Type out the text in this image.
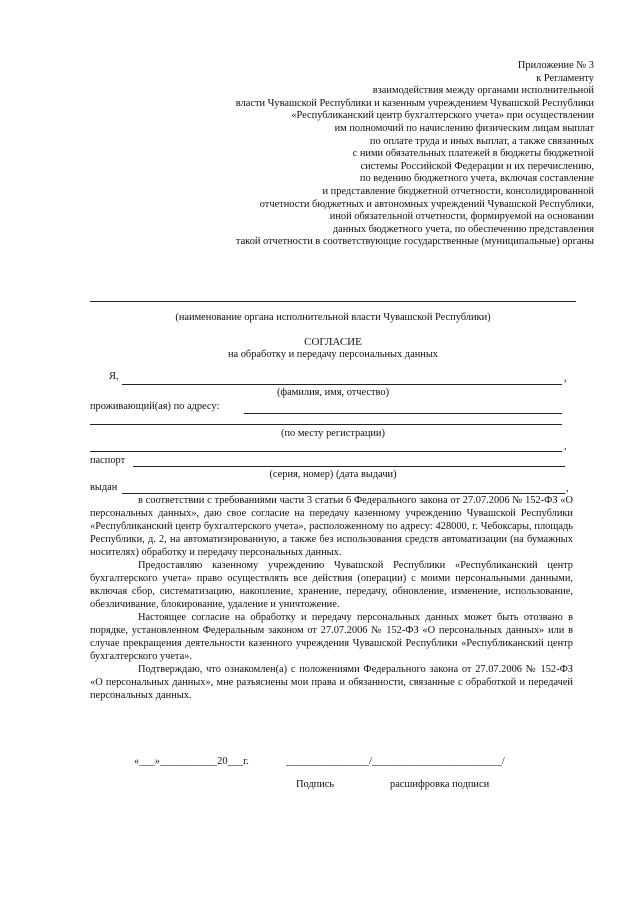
Приложение № 3
к Регламенту
взаимодействия между органами исполнительной
власти Чувашской Республики и казенным учреждением Чувашской Республики
«Республиканский центр бухгалтерского учета» при осуществлении
им полномочий по начислению физическим лицам выплат
по оплате труда и иных выплат, а также связанных
с ними обязательных платежей в бюджеты бюджетной
системы Российской Федерации и их перечислению,
по ведению бюджетного учета, включая составление
и представление бюджетной отчетности, консолидированной
отчетности бюджетных и автономных учреждений Чувашской Республики,
иной обязательной отчетности, формируемой на основании
данных бюджетного учета, по обеспечению представления
такой отчетности в соответствующие государственные (муниципальные) органы
(наименование органа исполнительной власти Чувашской Республики)
СОГЛАСИЕ
на обработку и передачу персональных данных
Я,	,
(фамилия, имя, отчество)
проживающий(ая) по адресу:
(по месту регистрации)
,
паспорт
(серия, номер) (дата выдачи)
выдан	,

в соответствии с требованиями части 3 статьи 6 Федерального закона от 27.07.2006 № 152-ФЗ «О персональных данных», даю свое согласие на передачу казенному учреждению Чувашской Республики «Республиканский центр бухгалтерского учета», расположенному по адресу: 428000, г. Чебоксары, площадь Республики, д. 2, на автоматизированную, а также без использования средств автоматизации (на бумажных носителях) обработку и передачу персональных данных.

Предоставляю казенному учреждению Чувашской Республики «Республиканский центр бухгалтерского учета» право осуществлять все действия (операции) с моими персональными данными, включая сбор, систематизацию, накопление, хранение, передачу, обновление, изменение, использование, обезличивание, блокирование, удаление и уничтожение.

Настоящее согласие на обработку и передачу персональных данных может быть отозвано в порядке, установленном Федеральным законом от 27.07.2006 № 152-ФЗ «О персональных данных» или в случае прекращения деятельности казенного учреждения Чувашской Республики «Республиканский центр бухгалтерского учета».

Подтверждаю, что ознакомлен(а) с положениями Федерального закона от 27.07.2006 № 152-ФЗ «О персональных данных», мне разъяснены мои права и обязанности, связанные с обработкой и передачей персональных данных.

«___»___________20___г.	________________/_________________________/
Подпись	расшифровка подписи
